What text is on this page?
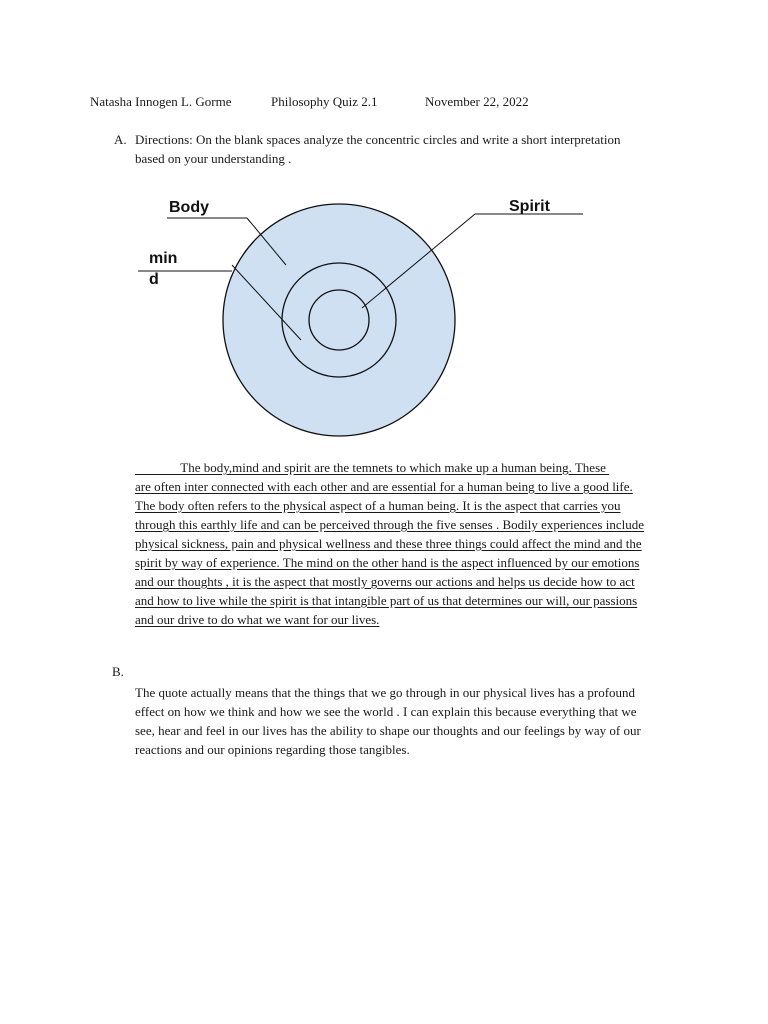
Natasha Innogen L. Gorme	Philosophy Quiz 2.1	November 22, 2022
A. Directions: On the blank spaces analyze the concentric circles and write a short interpretation
based on your understanding .
Body	Spirit
min
d
The body,mind and spirit are the temnets to which make up a human being. These
are often inter connected with each other and are essential for a human being to live a good life.
The body often refers to the physical aspect of a human being. It is the aspect that carries you
through this earthly life and can be perceived through the five senses . Bodily experiences include
physical sickness, pain and physical wellness and these three things could affect the mind and the
spirit by way of experience. The mind on the other hand is the aspect influenced by our emotions
and our thoughts , it is the aspect that mostly governs our actions and helps us decide how to act
and how to live while the spirit is that intangible part of us that determines our will, our passions
and our drive to do what we want for our lives.
B.
The quote actually means that the things that we go through in our physical lives has a profound
effect on how we think and how we see the world . I can explain this because everything that we
see, hear and feel in our lives has the ability to shape our thoughts and our feelings by way of our
reactions and our opinions regarding those tangibles.
